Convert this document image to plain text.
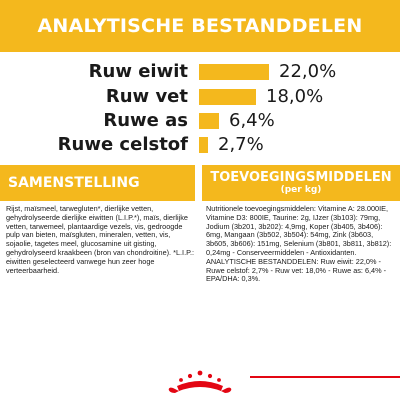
ANALYTISCHE BESTANDDELEN
Ruw eiwit	22,0%
Ruw vet	18,0%
Ruwe as 6,4%
Ruwe celstof 2,7%
SAMENSTELLING	TOEVOEGINGSMIDDELEN
(per kg)
Rijst, maïsmeel, tarwegluten*, dierlijke vetten, gehydrolyseerde dierlijke eiwitten (L.I.P.*), maïs, dierlijke vetten, tarwemeel, plantaardige vezels, vis, gedroogde pulp van bieten, maïsgluten, mineralen, vetten, vis, sojaolie, tagetes meel, glucosamine uit gisting, gehydrolyseerd kraakbeen (bron van chondroitine). *L.I.P.: eiwitten geselecteerd vanwege hun zeer hoge verteerbaarheid.
Nutritionele toevoegingsmiddelen: Vitamine A: 28.000IE, Vitamine D3: 800IE, Taurine: 2g, IJzer (3b103): 79mg, Jodium (3b201, 3b202): 4,9mg, Koper (3b405, 3b406): 6mg, Mangaan (3b502, 3b504): 54mg, Zink (3b603, 3b605, 3b606): 151mg, Selenium (3b801, 3b811, 3b812): 0,24mg - Conserveermiddelen - Antioxidanten. ANALYTISCHE BESTANDDELEN: Ruw eiwit: 22,0% - Ruwe celstof: 2,7% - Ruw vet: 18,0% - Ruwe as: 6,4% - EPA/DHA: 0,3%.
